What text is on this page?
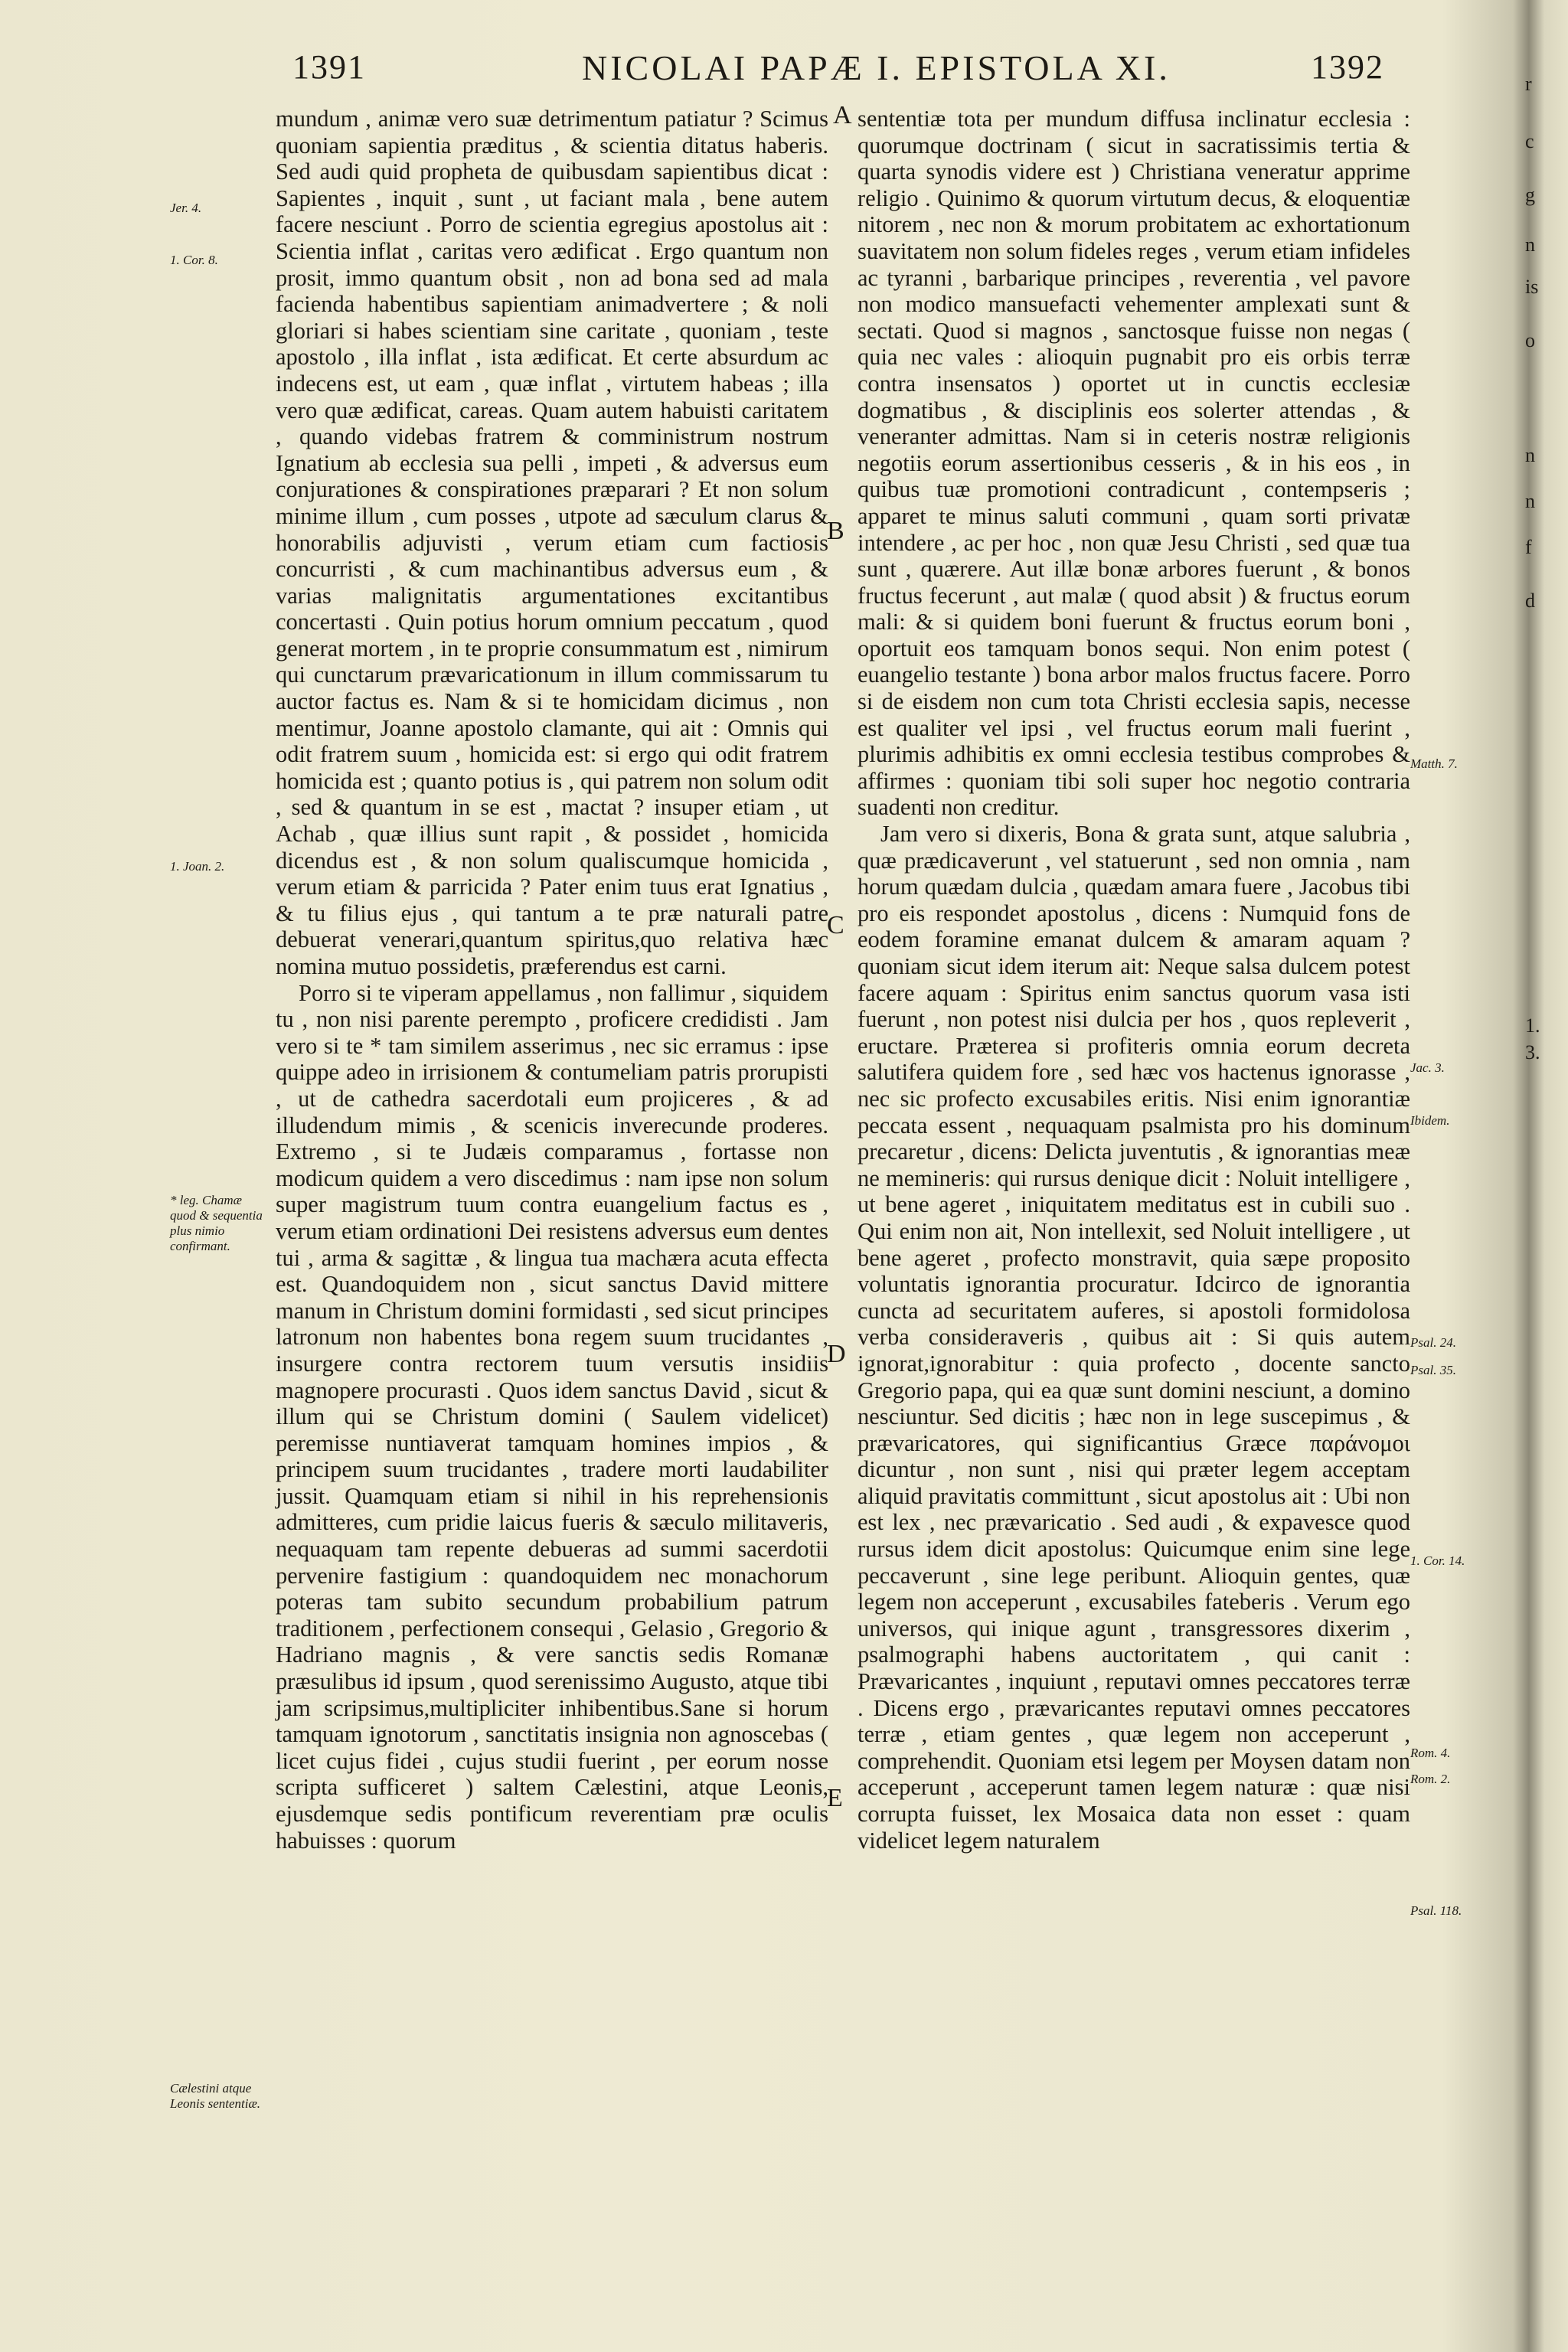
1391	NICOLAI PAPÆ I. EPISTOLA XI.	1392

mundum , animæ vero suæ detrimentum patiatur ? Scimus quoniam sapientia præditus , & scientia ditatus haberis. Sed audi quid propheta de quibusdam sapientibus dicat : Sapientes , inquit , sunt , ut faciant mala , bene autem facere nesciunt . Porro de scientia egregius apostolus ait : Scientia inflat , caritas vero ædificat . Ergo quantum non prosit, immo quantum obsit , non ad bona sed ad mala facienda habentibus sapientiam animadvertere ; & noli gloriari si habes scientiam sine caritate , quoniam , teste apostolo , illa inflat , ista ædificat. Et certe absurdum ac indecens est, ut eam , quæ inflat , virtutem habeas ; illa vero quæ ædificat, careas. Quam autem habuisti caritatem , quando videbas fratrem & comministrum nostrum Ignatium ab ecclesia sua pelli , impeti , & adversus eum conjurationes & conspirationes præparari ? Et non solum minime illum , cum posses , utpote ad sæculum clarus & honorabilis adjuvisti , verum etiam cum factiosis concurristi , & cum machinantibus adversus eum , & varias malignitatis argumentationes excitantibus concertasti . Quin potius horum omnium peccatum , quod generat mortem , in te proprie consummatum est , nimirum qui cunctarum prævaricationum in illum commissarum tu auctor factus es. Nam & si te homicidam dicimus , non mentimur, Joanne apostolo clamante, qui ait : Omnis qui odit fratrem suum , homicida est: si ergo qui odit fratrem homicida est ; quanto potius is , qui patrem non solum odit , sed & quantum in se est , mactat ? insuper etiam , ut Achab , quæ illius sunt rapit , & possidet , homicida dicendus est , & non solum qualiscumque homicida , verum etiam & parricida ? Pater enim tuus erat Ignatius , & tu filius ejus , qui tantum a te præ naturali patre debuerat venerari,quantum spiritus,quo relativa hæc nomina mutuo possidetis, præferendus est carni.

Porro si te viperam appellamus , non fallimur , siquidem tu , non nisi parente perempto , proficere credidisti . Jam vero si te * tam similem asserimus , nec sic erramus : ipse quippe adeo in irrisionem & contumeliam patris prorupisti , ut de cathedra sacerdotali eum projiceres , & ad illudendum mimis , & scenicis inverecunde proderes. Extremo , si te Judæis comparamus , fortasse non modicum quidem a vero discedimus : nam ipse non solum super magistrum tuum contra euangelium factus es , verum etiam ordinationi Dei resistens adversus eum dentes tui , arma & sagittæ , & lingua tua machæra acuta effecta est. Quandoquidem non , sicut sanctus David mittere manum in Christum domini formidasti , sed sicut principes latronum non habentes bona regem suum trucidantes , insurgere contra rectorem tuum versutis insidiis magnopere procurasti . Quos idem sanctus David , sicut & illum qui se Christum domini ( Saulem videlicet) peremisse nuntiaverat tamquam homines impios , & principem suum trucidantes , tradere morti laudabiliter jussit. Quamquam etiam si nihil in his reprehensionis admitteres, cum pridie laicus fueris & sæculo militaveris, nequaquam tam repente debueras ad summi sacerdotii pervenire fastigium : quandoquidem nec monachorum poteras tam subito secundum probabilium patrum traditionem , perfectionem consequi , Gelasio , Gregorio & Hadriano magnis , & vere sanctis sedis Romanæ præsulibus id ipsum , quod serenissimo Augusto, atque tibi jam scripsimus,multipliciter inhibentibus.Sane si horum tamquam ignotorum , sanctitatis insignia non agnoscebas ( licet cujus fidei , cujus studii fuerint , per eorum nosse scripta sufficeret ) saltem Cælestini, atque Leonis, ejusdemque sedis pontificum reverentiam præ oculis habuisses : quorum

sententiæ tota per mundum diffusa inclinatur ecclesia : quorumque doctrinam ( sicut in sacratissimis tertia & quarta synodis videre est ) Christiana veneratur apprime religio . Quinimo & quorum virtutum decus, & eloquentiæ nitorem , nec non & morum probitatem ac exhortationum suavitatem non solum fideles reges , verum etiam infideles ac tyranni , barbarique principes , reverentia , vel pavore non modico mansuefacti vehementer amplexati sunt & sectati. Quod si magnos , sanctosque fuisse non negas ( quia nec vales : alioquin pugnabit pro eis orbis terræ contra insensatos ) oportet ut in cunctis ecclesiæ dogmatibus , & disciplinis eos solerter attendas , & veneranter admittas. Nam si in ceteris nostræ religionis negotiis eorum assertionibus cesseris , & in his eos , in quibus tuæ promotioni contradicunt , contempseris ; apparet te minus saluti communi , quam sorti privatæ intendere , ac per hoc , non quæ Jesu Christi , sed quæ tua sunt , quærere. Aut illæ bonæ arbores fuerunt , & bonos fructus fecerunt , aut malæ ( quod absit ) & fructus eorum mali: & si quidem boni fuerunt & fructus eorum boni , oportuit eos tamquam bonos sequi. Non enim potest ( euangelio testante ) bona arbor malos fructus facere. Porro si de eisdem non cum tota Christi ecclesia sapis, necesse est qualiter vel ipsi , vel fructus eorum mali fuerint , plurimis adhibitis ex omni ecclesia testibus comprobes & affirmes : quoniam tibi soli super hoc negotio contraria suadenti non creditur.

Jam vero si dixeris, Bona & grata sunt, atque salubria , quæ prædicaverunt , vel statuerunt , sed non omnia , nam horum quædam dulcia , quædam amara fuere , Jacobus tibi pro eis respondet apostolus , dicens : Numquid fons de eodem foramine emanat dulcem & amaram aquam ? quoniam sicut idem iterum ait: Neque salsa dulcem potest facere aquam : Spiritus enim sanctus quorum vasa isti fuerunt , non potest nisi dulcia per hos , quos repleverit , eructare. Præterea si profiteris omnia eorum decreta salutifera quidem fore , sed hæc vos hactenus ignorasse , nec sic profecto excusabiles eritis. Nisi enim ignorantiæ peccata essent , nequaquam psalmista pro his dominum precaretur , dicens: Delicta juventutis , & ignorantias meæ ne memineris: qui rursus denique dicit : Noluit intelligere , ut bene ageret , iniquitatem meditatus est in cubili suo . Qui enim non ait, Non intellexit, sed Noluit intelligere , ut bene ageret , profecto monstravit, quia sæpe proposito voluntatis ignorantia procuratur. Idcirco de ignorantia cuncta ad securitatem auferes, si apostoli formidolosa verba considerаveris , quibus ait : Si quis autem ignorat,ignorabitur : quia profecto , docente sancto Gregorio papa, qui ea quæ sunt domini nesciunt, a domino nesciuntur. Sed dicitis ; hæc non in lege suscepimus , & prævaricatores, qui significantius Græce παράνομοι dicuntur , non sunt , nisi qui præter legem acceptam aliquid pravitatis committunt , sicut apostolus ait : Ubi non est lex , nec prævaricatio . Sed audi , & expavesce quod rursus idem dicit apostolus: Quicumque enim sine lege peccaverunt , sine lege peribunt. Alioquin gentes, quæ legem non acceperunt , excusabiles fateberis . Verum ego universos, qui inique agunt , transgressores dixerim , psalmographi habens auctoritatem , qui canit : Prævaricantes , inquiunt , reputavi omnes peccatores terræ . Dicens ergo , prævaricantes reputavi omnes peccatores terræ , etiam gentes , quæ legem non acceperunt , comprehendit. Quoniam etsi legem per Moysen datam non acceperunt , acceperunt tamen legem naturæ : quæ nisi corrupta fuisset, lex Mosaica data non esset : quam videlicet legem naturalem

A
B
C
D
E
Jer. 4.
1. Cor. 8.
1. Joan. 2.
* leg. Chamæ quod & sequentia plus nimio confirmant.
Cælestini atque Leonis sententiæ.
Matth. 7.
Jac. 3.
Ibidem.
Psal. 24.
Psal. 35.
1. Cor. 14.
Rom. 4.
Rom. 2.
Psal. 118.
r
c
g
n
is
o
n
n
f
d
1.
3.
